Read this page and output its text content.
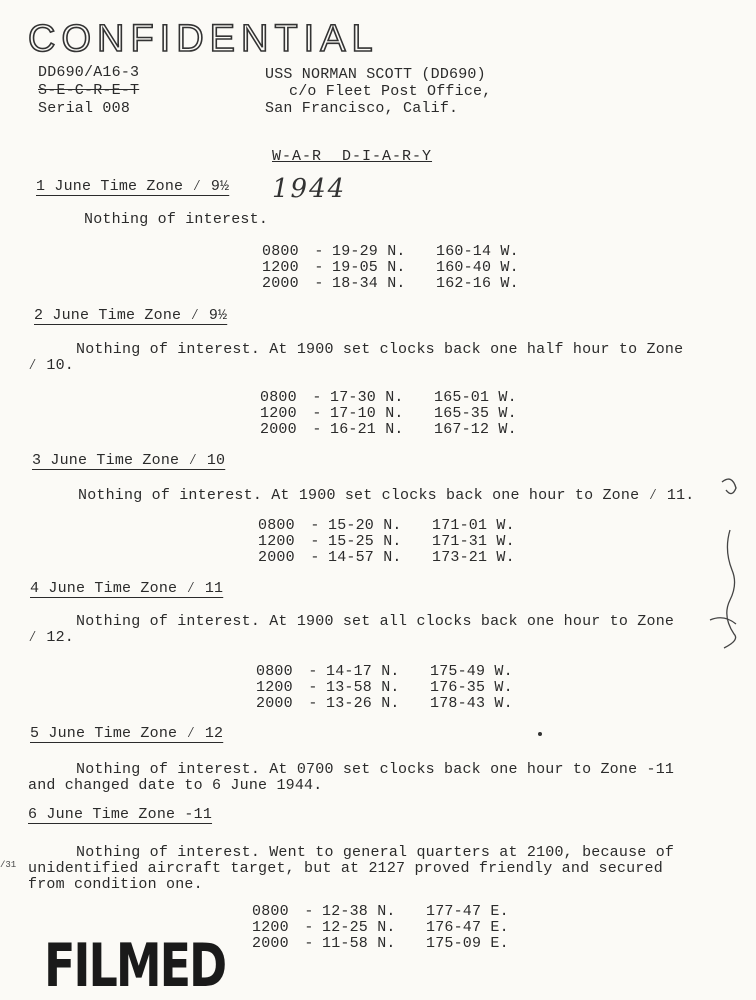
CONFIDENTIAL
DD690/A16-3
S-E-C-R-E-T
Serial 008
USS NORMAN SCOTT (DD690)
c/o Fleet Post Office,
San Francisco, Calif.
W-A-R  D-I-A-R-Y
1944
1 June Time Zone ⁄ 9½
Nothing of interest.
0800	- 19-29 N.	160-14 W.
1200	- 19-05 N.	160-40 W.
2000	- 18-34 N.	162-16 W.
2 June Time Zone ⁄ 9½
Nothing of interest. At 1900 set clocks back one half hour to Zone
⁄ 10.
0800	- 17-30 N.	165-01 W.
1200	- 17-10 N.	165-35 W.
2000	- 16-21 N.	167-12 W.
3 June Time Zone ⁄ 10
Nothing of interest. At 1900 set clocks back one hour to Zone ⁄ 11.
0800	- 15-20 N.	171-01 W.
1200	- 15-25 N.	171-31 W.
2000	- 14-57 N.	173-21 W.
4 June Time Zone ⁄ 11
Nothing of interest. At 1900 set all clocks back one hour to Zone
⁄ 12.
0800	- 14-17 N.	175-49 W.
1200	- 13-58 N.	176-35 W.
2000	- 13-26 N.	178-43 W.
5 June Time Zone ⁄ 12
Nothing of interest. At 0700 set clocks back one hour to Zone -11
and changed date to 6 June 1944.
6 June Time Zone -11
Nothing of interest. Went to general quarters at 2100, because of
unidentified aircraft target, but at 2127 proved friendly and secured
from condition one.
0800	- 12-38 N.	177-47 E.
1200	- 12-25 N.	176-47 E.
2000	- 11-58 N.	175-09 E.
/31
FILMED
